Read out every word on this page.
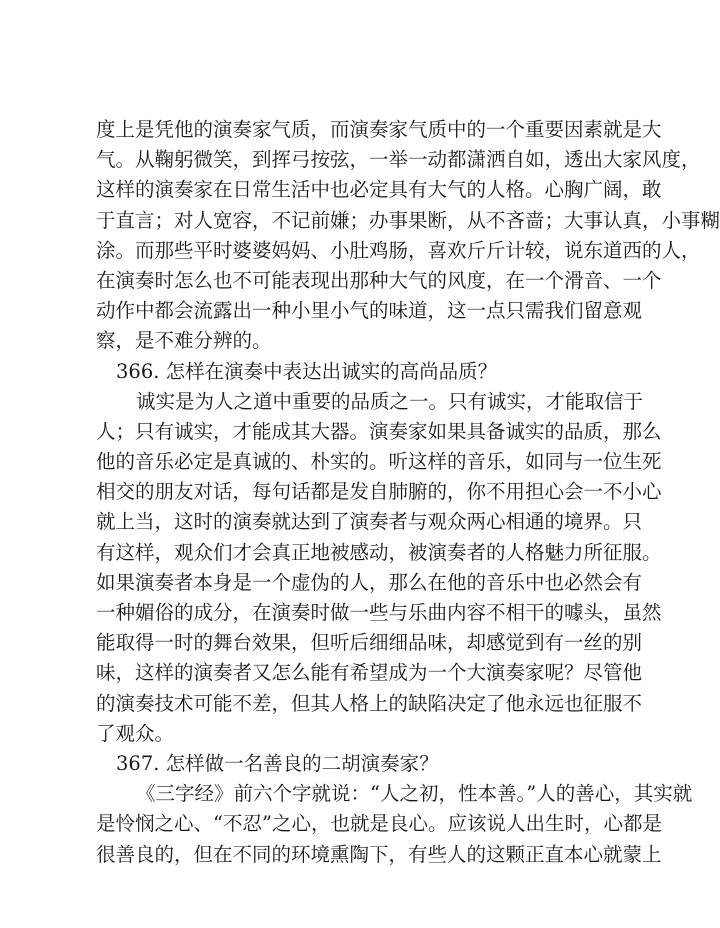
度上是凭他的演奏家气质，而演奏家气质中的一个重要因素就是大
气。从鞠躬微笑，到挥弓按弦，一举一动都潇洒自如，透出大家风度，
这样的演奏家在日常生活中也必定具有大气的人格。心胸广阔，敢
于直言；对人宽容，不记前嫌；办事果断，从不吝啬；大事认真，小事糊
涂。而那些平时婆婆妈妈、小肚鸡肠，喜欢斤斤计较，说东道西的人，
在演奏时怎么也不可能表现出那种大气的风度，在一个滑音、一个
动作中都会流露出一种小里小气的味道，这一点只需我们留意观
察，是不难分辨的。
366. 怎样在演奏中表达出诚实的高尚品质？
诚实是为人之道中重要的品质之一。只有诚实，才能取信于
人；只有诚实，才能成其大器。演奏家如果具备诚实的品质，那么
他的音乐必定是真诚的、朴实的。听这样的音乐，如同与一位生死
相交的朋友对话，每句话都是发自肺腑的，你不用担心会一不小心
就上当，这时的演奏就达到了演奏者与观众两心相通的境界。只
有这样，观众们才会真正地被感动，被演奏者的人格魅力所征服。
如果演奏者本身是一个虚伪的人，那么在他的音乐中也必然会有
一种媚俗的成分，在演奏时做一些与乐曲内容不相干的噱头，虽然
能取得一时的舞台效果，但听后细细品味，却感觉到有一丝的别
味，这样的演奏者又怎么能有希望成为一个大演奏家呢？尽管他
的演奏技术可能不差，但其人格上的缺陷决定了他永远也征服不
了观众。
367. 怎样做一名善良的二胡演奏家？
《三字经》前六个字就说：“人之初，性本善。”人的善心，其实就
是怜悯之心、“不忍”之心，也就是良心。应该说人出生时，心都是
很善良的，但在不同的环境熏陶下，有些人的这颗正直本心就蒙上
